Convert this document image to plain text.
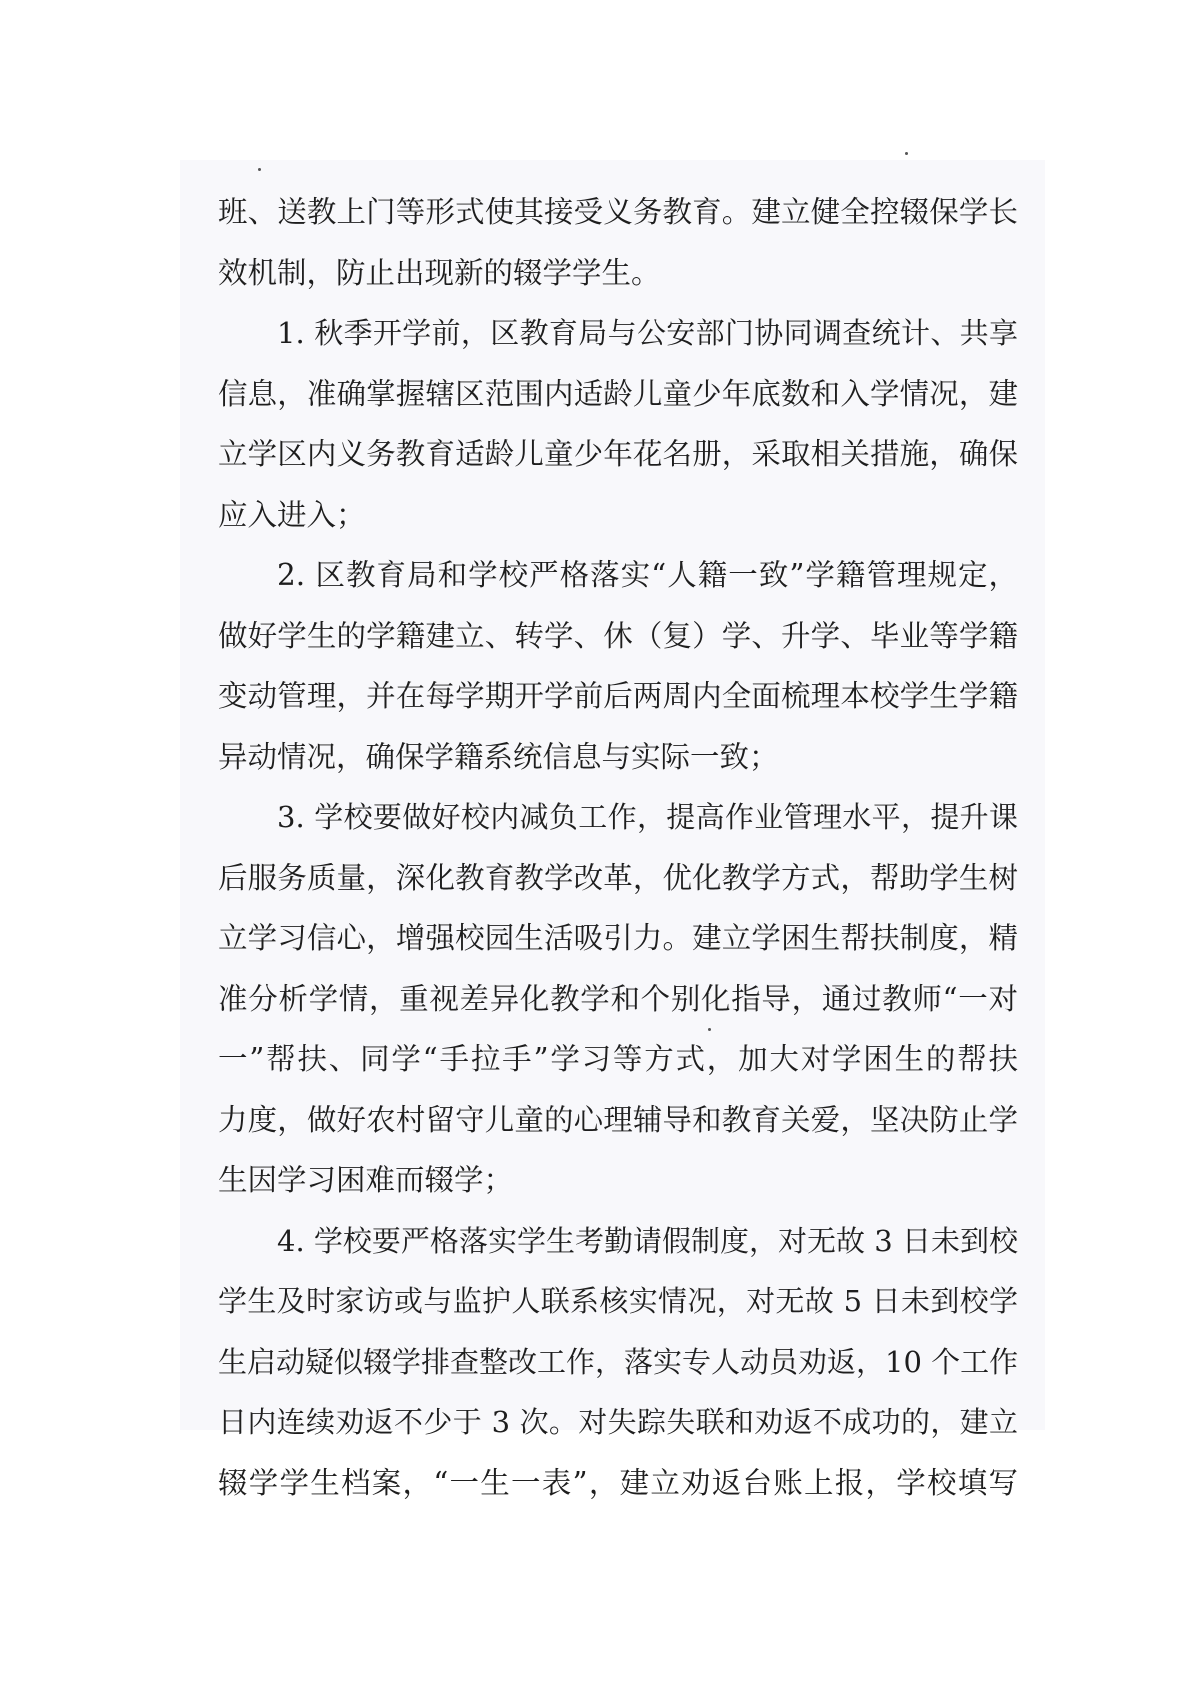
班、送教上门等形式使其接受义务教育。建立健全控辍保学长
效机制，防止出现新的辍学学生。
1. 秋季开学前，区教育局与公安部门协同调查统计、共享
信息，准确掌握辖区范围内适龄儿童少年底数和入学情况，建
立学区内义务教育适龄儿童少年花名册，采取相关措施，确保
应入进入；
2. 区教育局和学校严格落实“人籍一致”学籍管理规定，
做好学生的学籍建立、转学、休（复）学、升学、毕业等学籍
变动管理，并在每学期开学前后两周内全面梳理本校学生学籍
异动情况，确保学籍系统信息与实际一致；
3. 学校要做好校内减负工作，提高作业管理水平，提升课
后服务质量，深化教育教学改革，优化教学方式，帮助学生树
立学习信心，增强校园生活吸引力。建立学困生帮扶制度，精
准分析学情，重视差异化教学和个别化指导，通过教师“一对
一”帮扶、同学“手拉手”学习等方式，加大对学困生的帮扶
力度，做好农村留守儿童的心理辅导和教育关爱，坚决防止学
生因学习困难而辍学；
4. 学校要严格落实学生考勤请假制度，对无故 3 日未到校
学生及时家访或与监护人联系核实情况，对无故 5 日未到校学
生启动疑似辍学排查整改工作，落实专人动员劝返，10 个工作
日内连续劝返不少于 3 次。对失踪失联和劝返不成功的，建立
辍学学生档案，“一生一表”，建立劝返台账上报，学校填写
